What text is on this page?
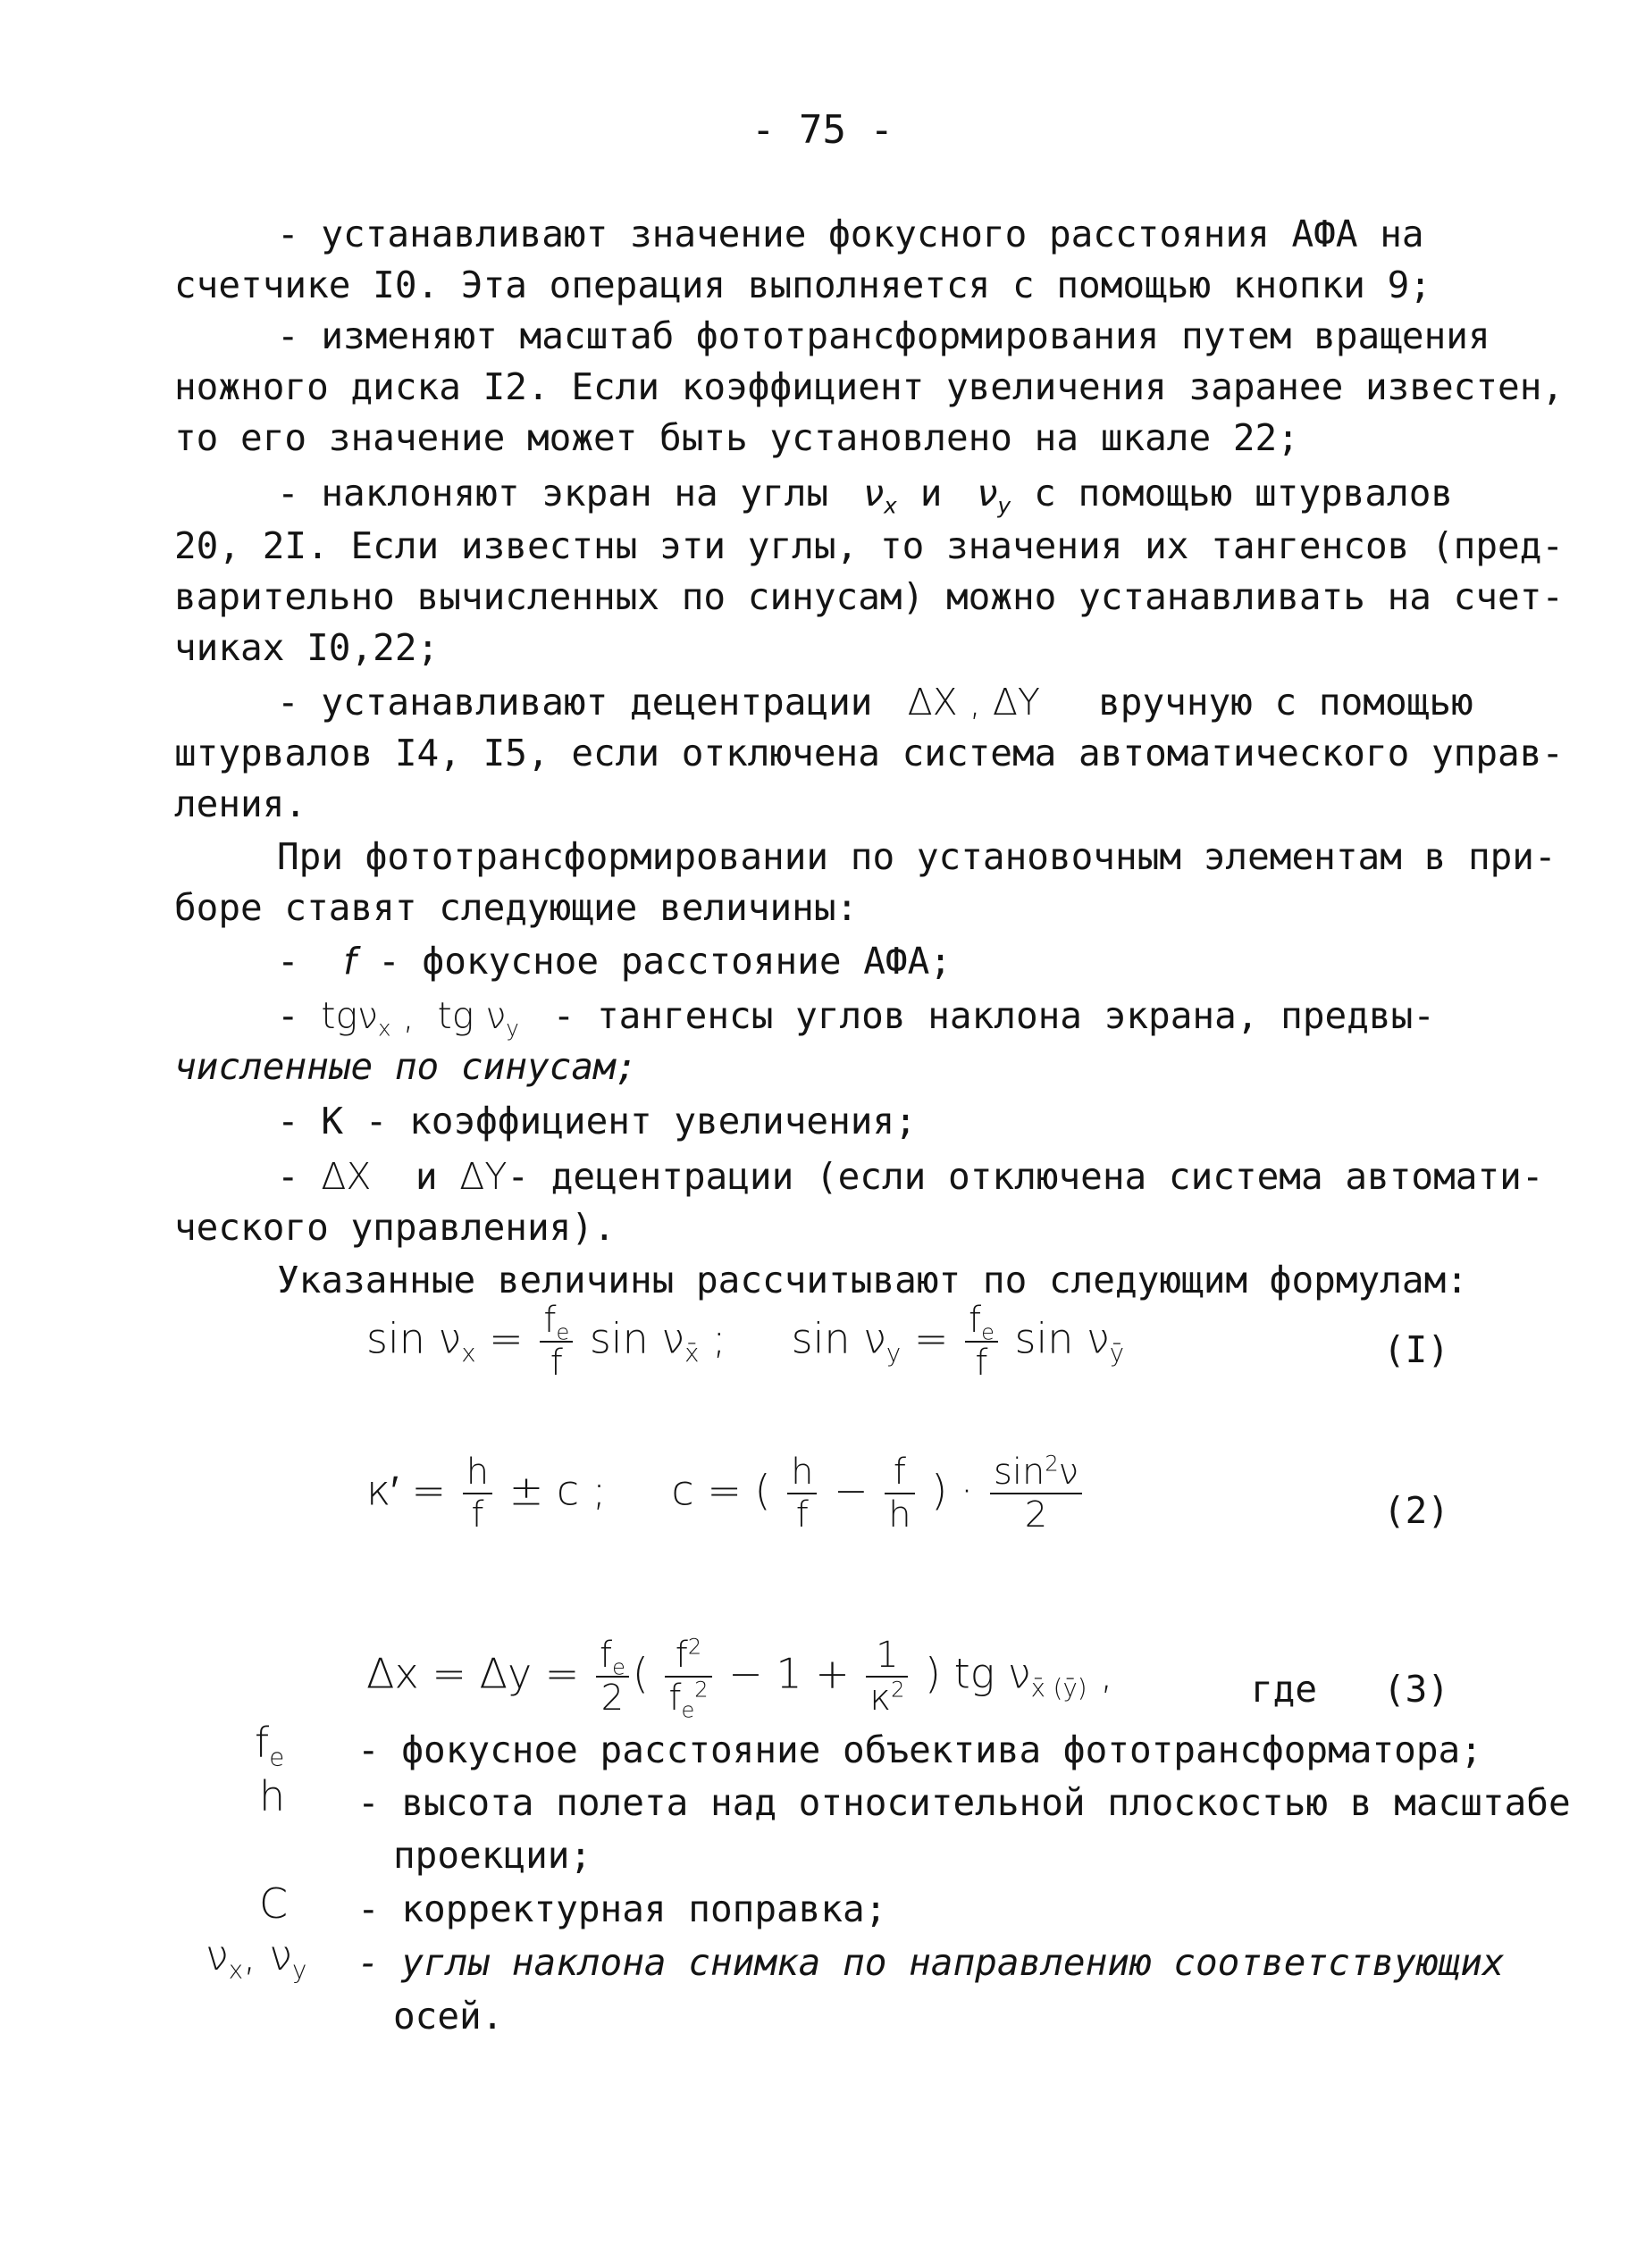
- 75 -
- устанавливают значение фокусного расстояния АФА на
счетчике I0. Эта операция выполняется с помощью кнопки 9;
- изменяют масштаб фототрансформирования путем вращения
ножного диска I2. Если коэффициент увеличения заранее известен,
то его значение может быть установлено на шкале 22;
- наклоняют экран на углы   $\nu_x$ и   $\nu_y$ с помощью штурвалов
20, 2I. Если известны эти углы, то значения их тангенсов (пред-
варительно вычисленных по синусам) можно устанавливать на счет-
чиках I0,22;
- устанавливают децентрации   ΔX , ΔY     вручную с помощью
штурвалов I4, I5, если отключена система автоматического управ-
ления.
При фототрансформировании по установочным элементам в при-
боре ставят следующие величины:
-  f - фокусное расстояние АФА;
- tgν$_x$ ,  tg $\nu_y$  - тангенсы углов наклона экрана, предвы-
численные по синусам;
- K - коэффициент увеличения;
- ΔX и ΔY- децентрации (если отключена система автомати-
ческого управления).
Указанные величины рассчитывают по следующим формулам:
$\sin \nu_x = \frac{f_e}{f}$ $\sin \nu_{x̄}$ ;     $\sin \nu_y = \frac{f_e}{f}$ $\sin \nu_ȳ$	(I)
$\kappa' = \frac{h}{f} \pm c$ ;     c = ( $\frac{h}{f} - \frac{f}{h}$ ) · $\frac{\sin^2\nu}{2}$	(2)
$\Delta x = \Delta y = \frac{f_e}{2}$ ( $\frac{f^2}{f_e^2} - 1 + \frac{1}{\kappa^2}$ ) tg $\nu_{x̄ (ȳ)}$ ,	где (3)
$f_e$ - фокусное расстояние объектива фототрансформатора;
h - высота полета над относительной плоскостью в масштабе
проекции;
C - корректурная поправка;
$\nu_x$, $\nu_y$ - углы наклона снимка по направлению соответствующих
осей.
